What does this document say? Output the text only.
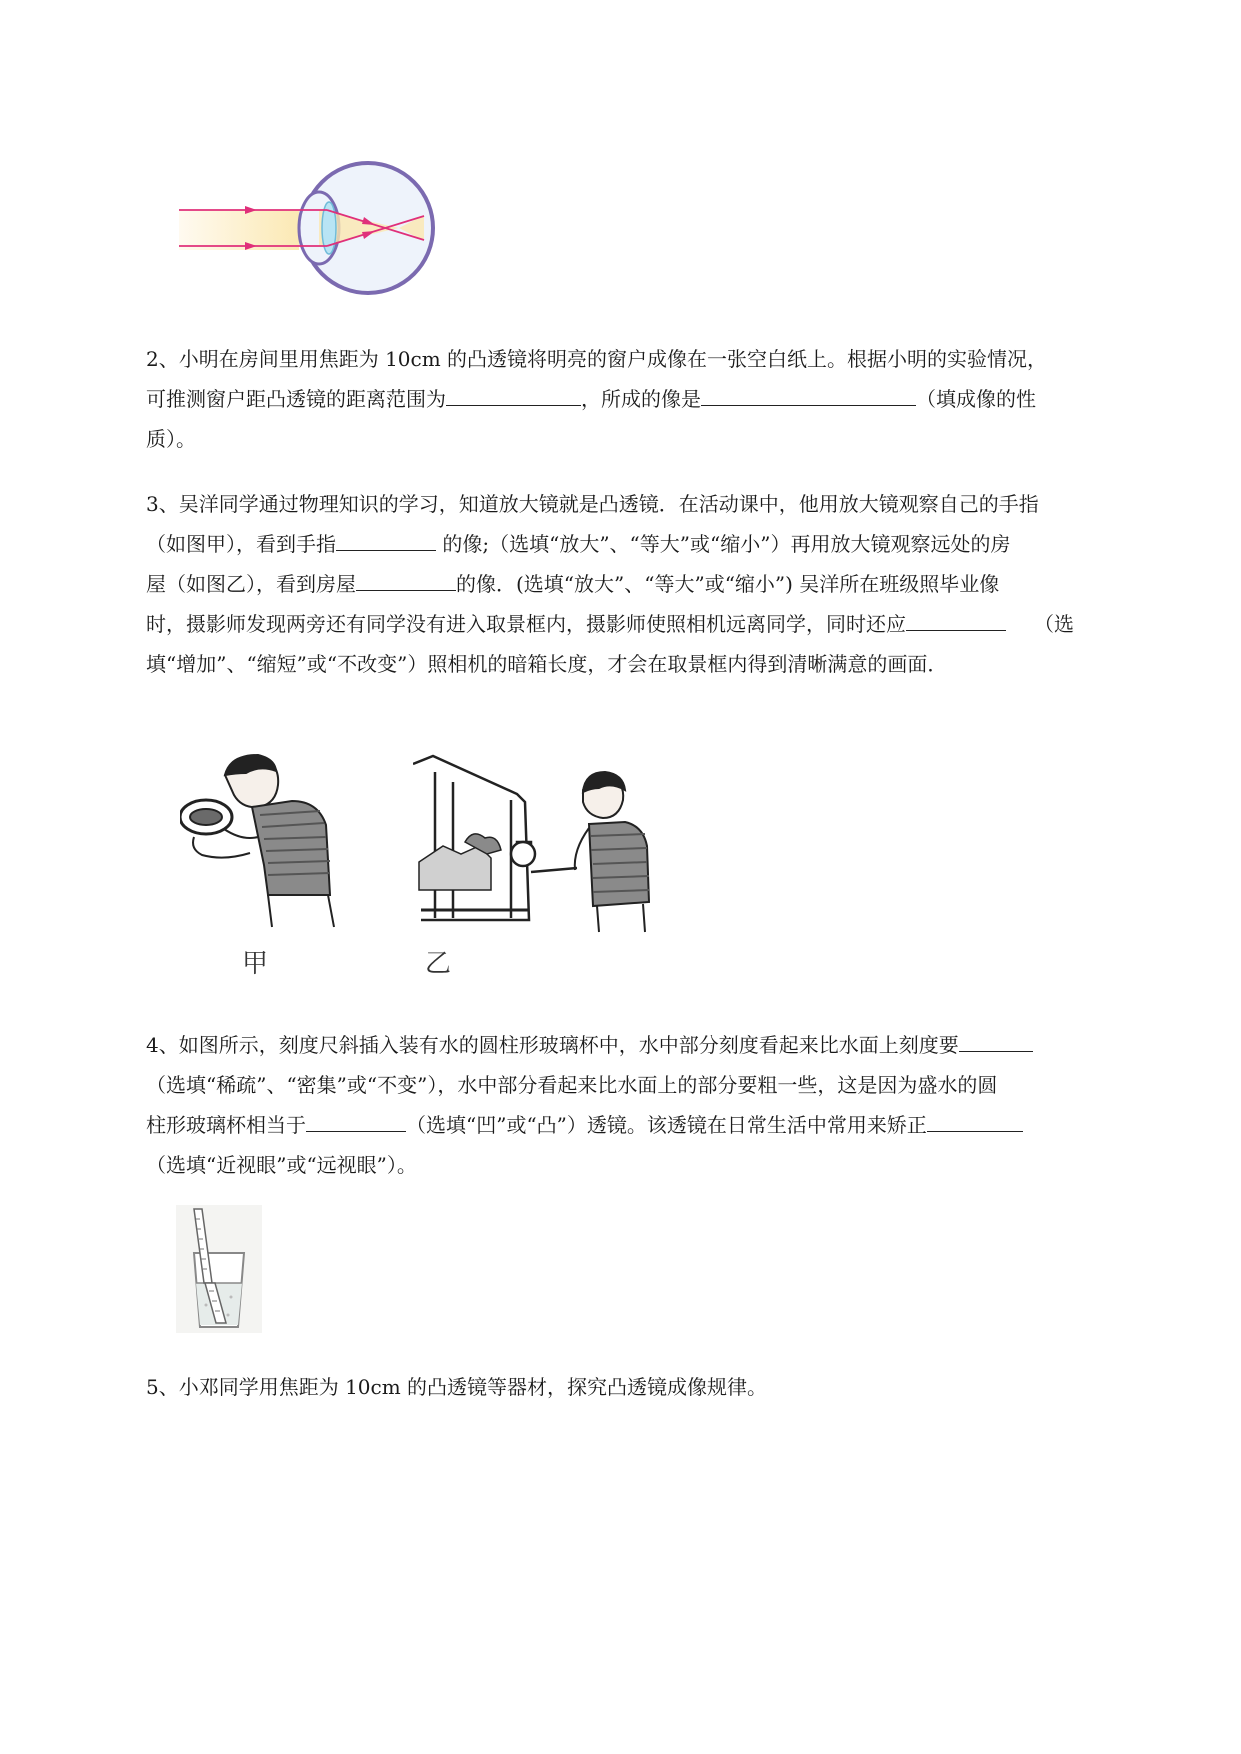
2、小明在房间里用焦距为 10cm 的凸透镜将明亮的窗户成像在一张空白纸上。根据小明的实验情况，
可推测窗户距凸透镜的距离范围为	，所成的像是	（填成像的性
质）。
3、吴洋同学通过物理知识的学习，知道放大镜就是凸透镜．在活动课中，他用放大镜观察自己的手指
（如图甲），看到手指	的像;（选填“放大”、“等大”或“缩小”）再用放大镜观察远处的房
屋（如图乙），看到房屋	的像．(选填“放大”、“等大”或“缩小”) 吴洋所在班级照毕业像
时，摄影师发现两旁还有同学没有进入取景框内，摄影师使照相机远离同学，同时还应	（选
填“增加”、“缩短”或“不改变”）照相机的暗箱长度，才会在取景框内得到清晰满意的画面．
甲	乙
4、如图所示，刻度尺斜插入装有水的圆柱形玻璃杯中，水中部分刻度看起来比水面上刻度要
（选填“稀疏”、“密集”或“不变”），水中部分看起来比水面上的部分要粗一些，这是因为盛水的圆
柱形玻璃杯相当于	（选填“凹”或“凸”）透镜。该透镜在日常生活中常用来矫正
（选填“近视眼”或“远视眼”）。
5、小邓同学用焦距为 10cm 的凸透镜等器材，探究凸透镜成像规律。
